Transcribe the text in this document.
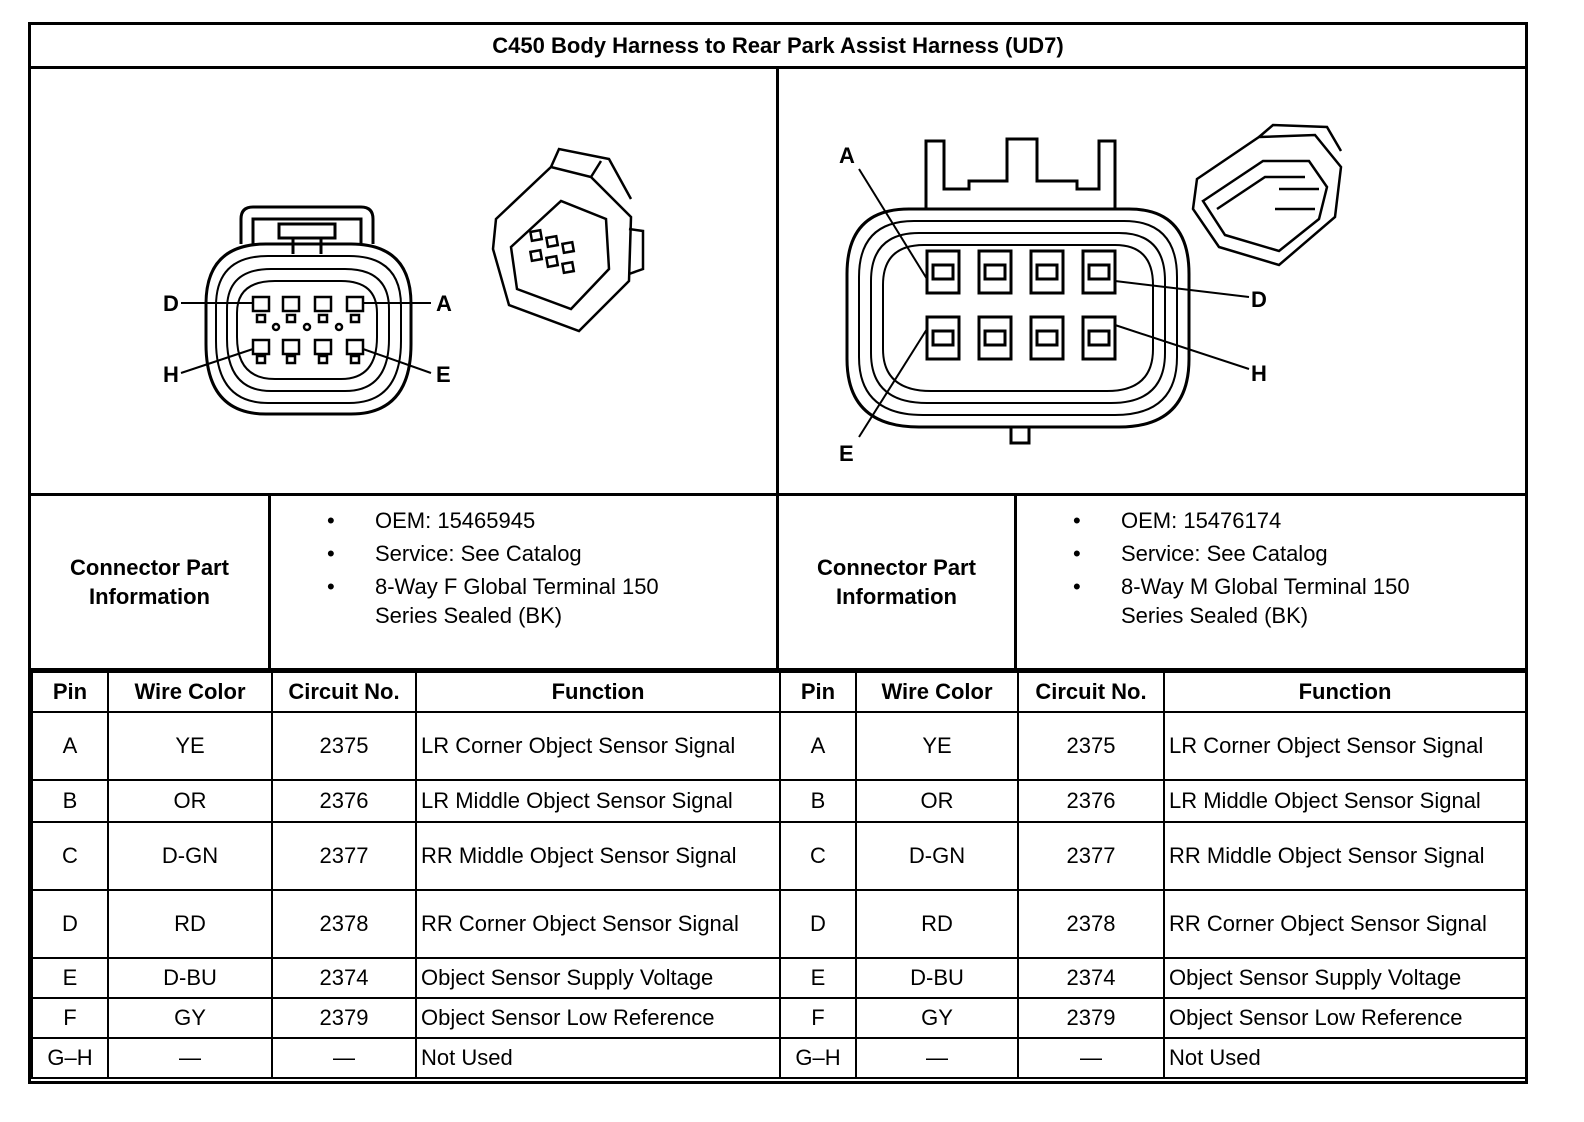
C450 Body Harness to Rear Park Assist Harness (UD7)
D	A
H	E
A
D
E
H
Connector Part
Information
• OEM: 15465945
• Service: See Catalog
• 8-Way F Global Terminal 150
Series Sealed (BK)
Connector Part
Information
• OEM: 15476174
• Service: See Catalog
• 8-Way M Global Terminal 150
Series Sealed (BK)
Pin	Wire Color	Circuit No.	Function
A	YE	2375	LR Corner Object Sensor Signal
B	OR	2376	LR Middle Object Sensor Signal
C	D-GN	2377	RR Middle Object Sensor Signal
D	RD	2378	RR Corner Object Sensor Signal
E	D-BU	2374	Object Sensor Supply Voltage
F	GY	2379	Object Sensor Low Reference
G–H	—	—	Not Used
Pin	Wire Color	Circuit No.	Function
A	YE	2375	LR Corner Object Sensor Signal
B	OR	2376	LR Middle Object Sensor Signal
C	D-GN	2377	RR Middle Object Sensor Signal
D	RD	2378	RR Corner Object Sensor Signal
E	D-BU	2374	Object Sensor Supply Voltage
F	GY	2379	Object Sensor Low Reference
G–H	—	—	Not Used
